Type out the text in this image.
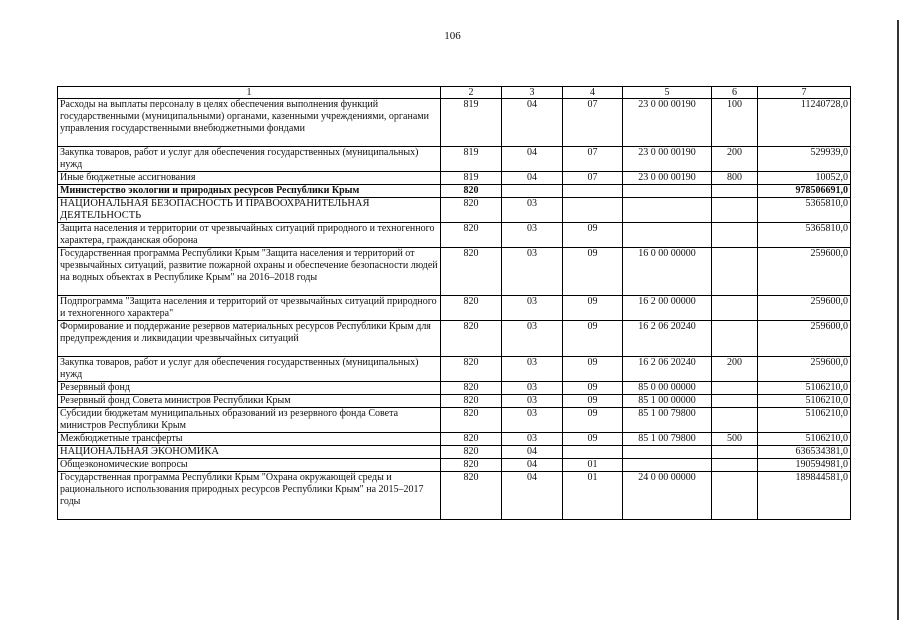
106
1	2	3	4	5	6	7
Расходы на выплаты персоналу в целях обеспечения выполнения функций государственными (муниципальными) органами, казенными учреждениями, органами управления государственными внебюджетными фондами	819	04	07	23 0 00 00190	100	11240728,0
Закупка товаров, работ и услуг для обеспечения государственных (муниципальных) нужд	819	04	07	23 0 00 00190	200	529939,0
Иные бюджетные ассигнования	819	04	07	23 0 00 00190	800	10052,0
Министерство экологии и природных ресурсов Республики Крым	820					978506691,0
НАЦИОНАЛЬНАЯ БЕЗОПАСНОСТЬ И ПРАВООХРАНИТЕЛЬНАЯ ДЕЯТЕЛЬНОСТЬ	820	03				5365810,0
Защита населения и территории от чрезвычайных ситуаций природного и техногенного характера, гражданская оборона	820	03	09			5365810,0
Государственная программа Республики Крым "Защита населения и территорий от чрезвычайных ситуаций, развитие пожарной охраны и обеспечение безопасности людей на водных объектах в Республике Крым" на 2016–2018 годы	820	03	09	16 0 00 00000		259600,0
Подпрограмма "Защита населения и территорий от чрезвычайных ситуаций природного и техногенного характера"	820	03	09	16 2 00 00000		259600,0
Формирование и поддержание резервов материальных ресурсов Республики Крым для предупреждения и ликвидации чрезвычайных ситуаций	820	03	09	16 2 06 20240		259600,0
Закупка товаров, работ и услуг для обеспечения государственных (муниципальных) нужд	820	03	09	16 2 06 20240	200	259600,0
Резервный фонд	820	03	09	85 0 00 00000		5106210,0
Резервный фонд Совета министров Республики Крым	820	03	09	85 1 00 00000		5106210,0
Субсидии бюджетам муниципальных образований из резервного фонда Совета министров Республики Крым	820	03	09	85 1 00 79800		5106210,0
Межбюджетные трансферты	820	03	09	85 1 00 79800	500	5106210,0
НАЦИОНАЛЬНАЯ ЭКОНОМИКА	820	04				636534381,0
Общеэкономические вопросы	820	04	01			190594981,0
Государственная программа Республики Крым "Охрана окружающей среды и рационального использования природных ресурсов Республики Крым" на 2015–2017 годы	820	04	01	24 0 00 00000		189844581,0
